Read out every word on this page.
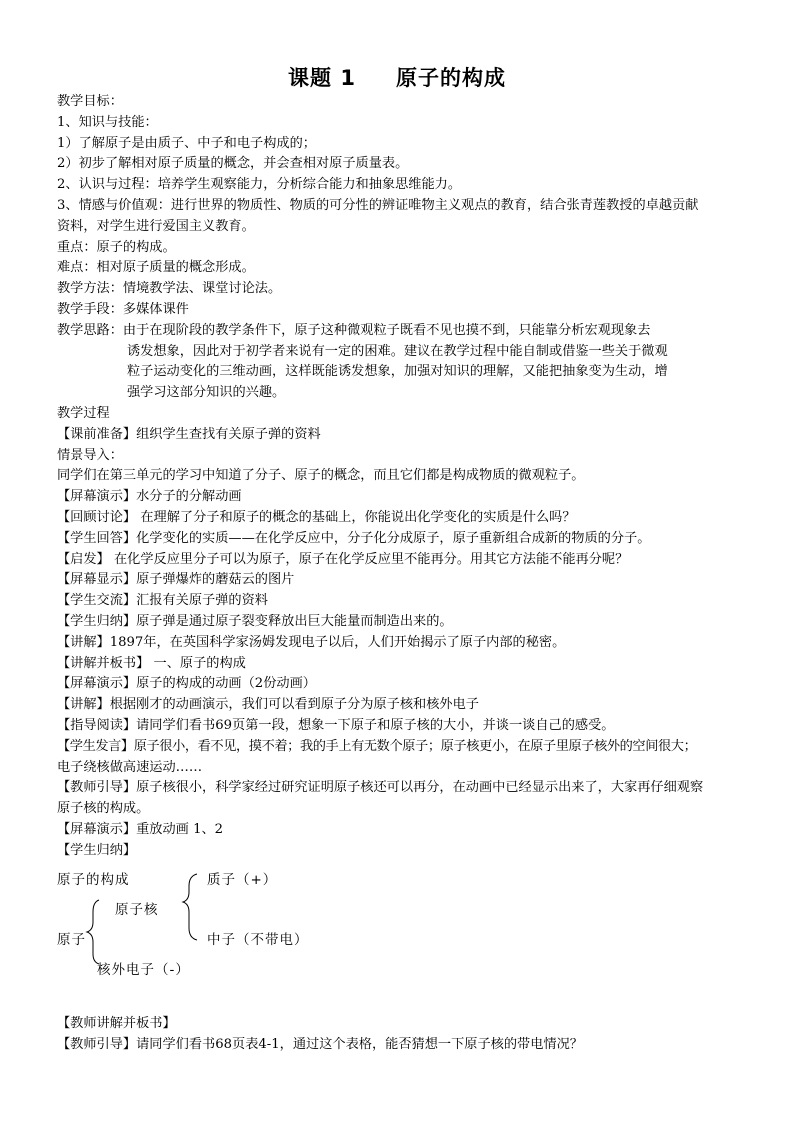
课题 1 原子的构成

教学目标：

1、知识与技能：

1）了解原子是由质子、中子和电子构成的；

2）初步了解相对原子质量的概念，并会查相对原子质量表。

2、认识与过程：培养学生观察能力，分析综合能力和抽象思维能力。

3、情感与价值观：进行世界的物质性、物质的可分性的辨证唯物主义观点的教育，结合张青莲教授的卓越贡献

资料，对学生进行爱国主义教育。

重点：原子的构成。

难点：相对原子质量的概念形成。

教学方法：情境教学法、课堂讨论法。

教学手段：多媒体课件

教学思路：由于在现阶段的教学条件下，原子这种微观粒子既看不见也摸不到，只能靠分析宏观现象去

诱发想象，因此对于初学者来说有一定的困难。建议在教学过程中能自制或借鉴一些关于微观

粒子运动变化的三维动画，这样既能诱发想象，加强对知识的理解，又能把抽象变为生动，增

强学习这部分知识的兴趣。

教学过程

【课前准备】组织学生查找有关原子弹的资料

情景导入：

同学们在第三单元的学习中知道了分子、原子的概念，而且它们都是构成物质的微观粒子。

【屏幕演示】水分子的分解动画

【回顾讨论】 在理解了分子和原子的概念的基础上，你能说出化学变化的实质是什么吗？

【学生回答】化学变化的实质——在化学反应中，分子化分成原子，原子重新组合成新的物质的分子。

【启发】 在化学反应里分子可以为原子，原子在化学反应里不能再分。用其它方法能不能再分呢？

【屏幕显示】原子弹爆炸的蘑菇云的图片

【学生交流】汇报有关原子弹的资料

【学生归纳】原子弹是通过原子裂变释放出巨大能量而制造出来的。

【讲解】1897年，在英国科学家汤姆发现电子以后，人们开始揭示了原子内部的秘密。

【讲解并板书】 一、原子的构成

【屏幕演示】原子的构成的动画（2份动画）

【讲解】根据刚才的动画演示，我们可以看到原子分为原子核和核外电子

【指导阅读】请同学们看书69页第一段，想象一下原子和原子核的大小，并谈一谈自己的感受。

【学生发言】原子很小，看不见，摸不着；我的手上有无数个原子；原子核更小，在原子里原子核外的空间很大；

电子绕核做高速运动……

【教师引导】原子核很小，科学家经过研究证明原子核还可以再分，在动画中已经显示出来了，大家再仔细观察

原子核的构成。

【屏幕演示】重放动画 1、2

【学生归纳】

原子的构成	质子（+）
原子核
原子	中子（不带电）
核外电子（-）

【教师讲解并板书】

【教师引导】请同学们看书68页表4-1，通过这个表格，能否猜想一下原子核的带电情况？
